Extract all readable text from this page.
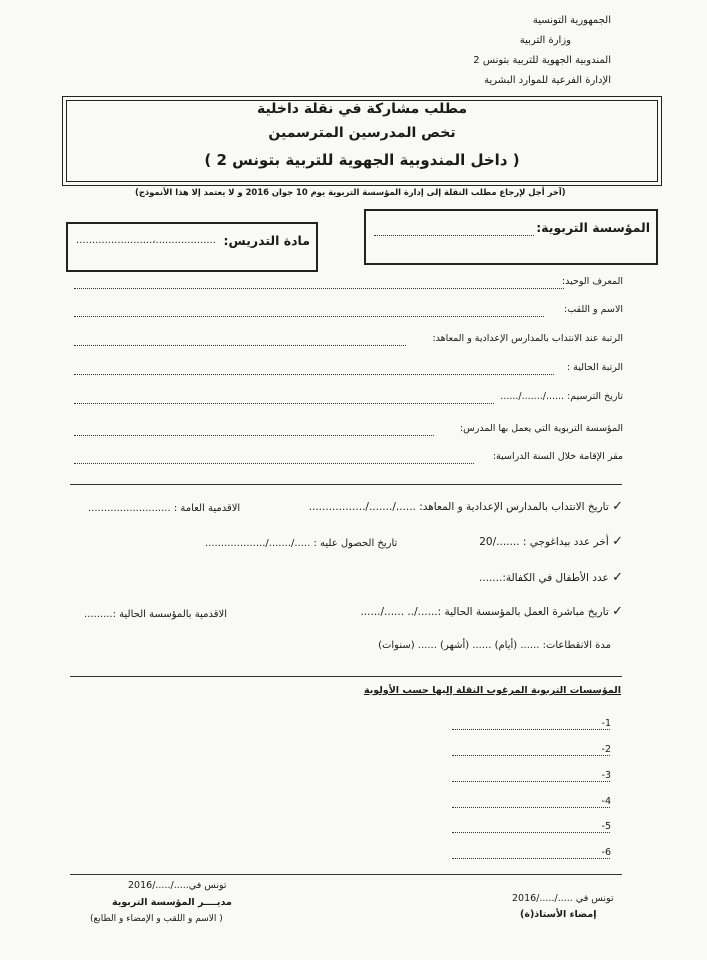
الجمهورية التونسية
وزارة التربية
المندوبية الجهوية للتربية بتونس 2
الإدارة الفرعية للموارد البشرية
مطلب مشاركة في نقلة داخلية
تخص المدرسين المترسمين
( داخل المندوبية الجهوية للتربية بتونس 2 )
(آخر أجل لإرجاع مطلب النقلة إلى إدارة المؤسسة التربوية يوم 10 جوان 2016 و لا يعتمد إلا هذا الأنموذج)
المؤسسة التربوية:
مادة التدريس:
........................،...................
المعرف الوحيد:
الاسم و اللقب:
الرتبة عند الانتداب بالمدارس الإعدادية و المعاهد:
الرتبة الحالية :
تاريخ الترسيم: ....../......./......
المؤسسة التربوية التي يعمل بها المدرس:
مقر الإقامة خلال السنة الدراسية:
✓ تاريخ الانتداب بالمدارس الإعدادية و المعاهد: ....../......./.................
الاقدمية العامة : ..........................
✓ أخر عدد بيداغوجي : ......./20
تاريخ الحصول عليه : ...../......./...................
✓ عدد الأطفال في الكفالة:.......
✓ تاريخ مباشرة العمل بالمؤسسة الحالية :....../.. ....../......
الاقدمية بالمؤسسة الحالية :.........
مدة الانقطاعات: ...... (أيام) ...... (أشهر) ...... (سنوات)
المؤسسات التربوية المرغوب النقلة إليها حسب الأولوية
-1
-2
-3
-4
-5
-6
تونس في ...../...../2016
إمضاء الأستاذ(ة)
تونس في...../...../2016
مديــــر المؤسسة التربوية
( الاسم و اللقب و الإمضاء و الطابع)
